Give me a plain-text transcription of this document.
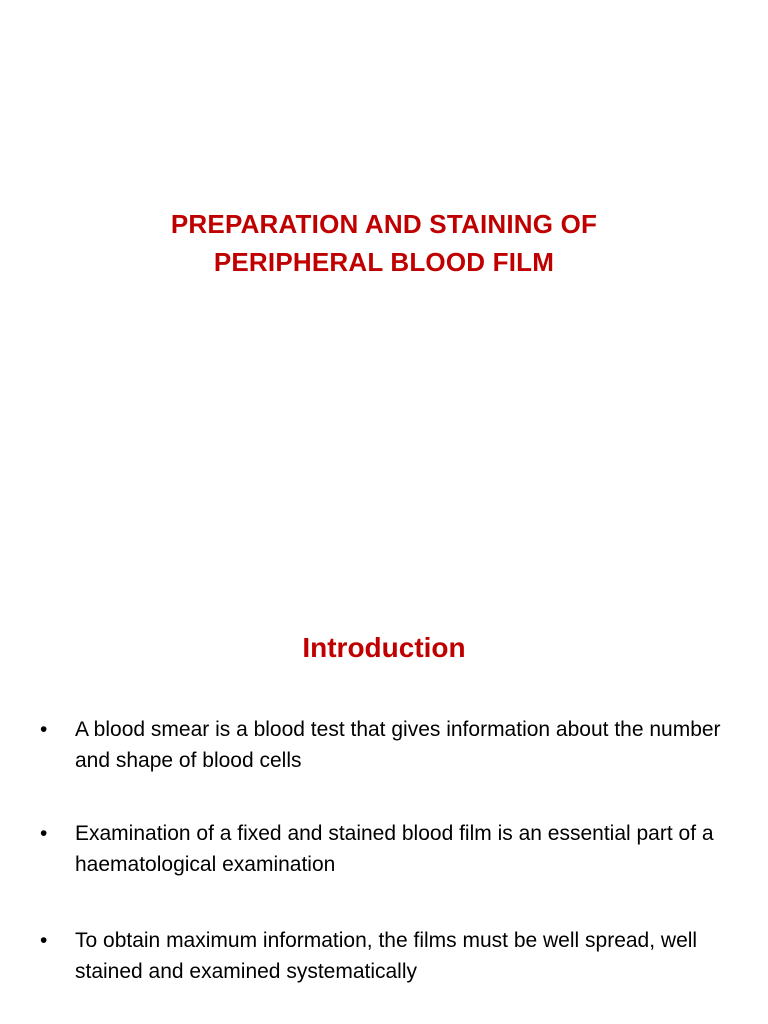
PREPARATION AND STAINING OF
PERIPHERAL BLOOD FILM
Introduction
•	A blood smear is a blood test that gives information about the number and shape of blood cells
•	Examination of a fixed and stained blood film is an essential part of a haematological examination
•	To obtain maximum information, the films must be well spread, well stained and examined systematically
